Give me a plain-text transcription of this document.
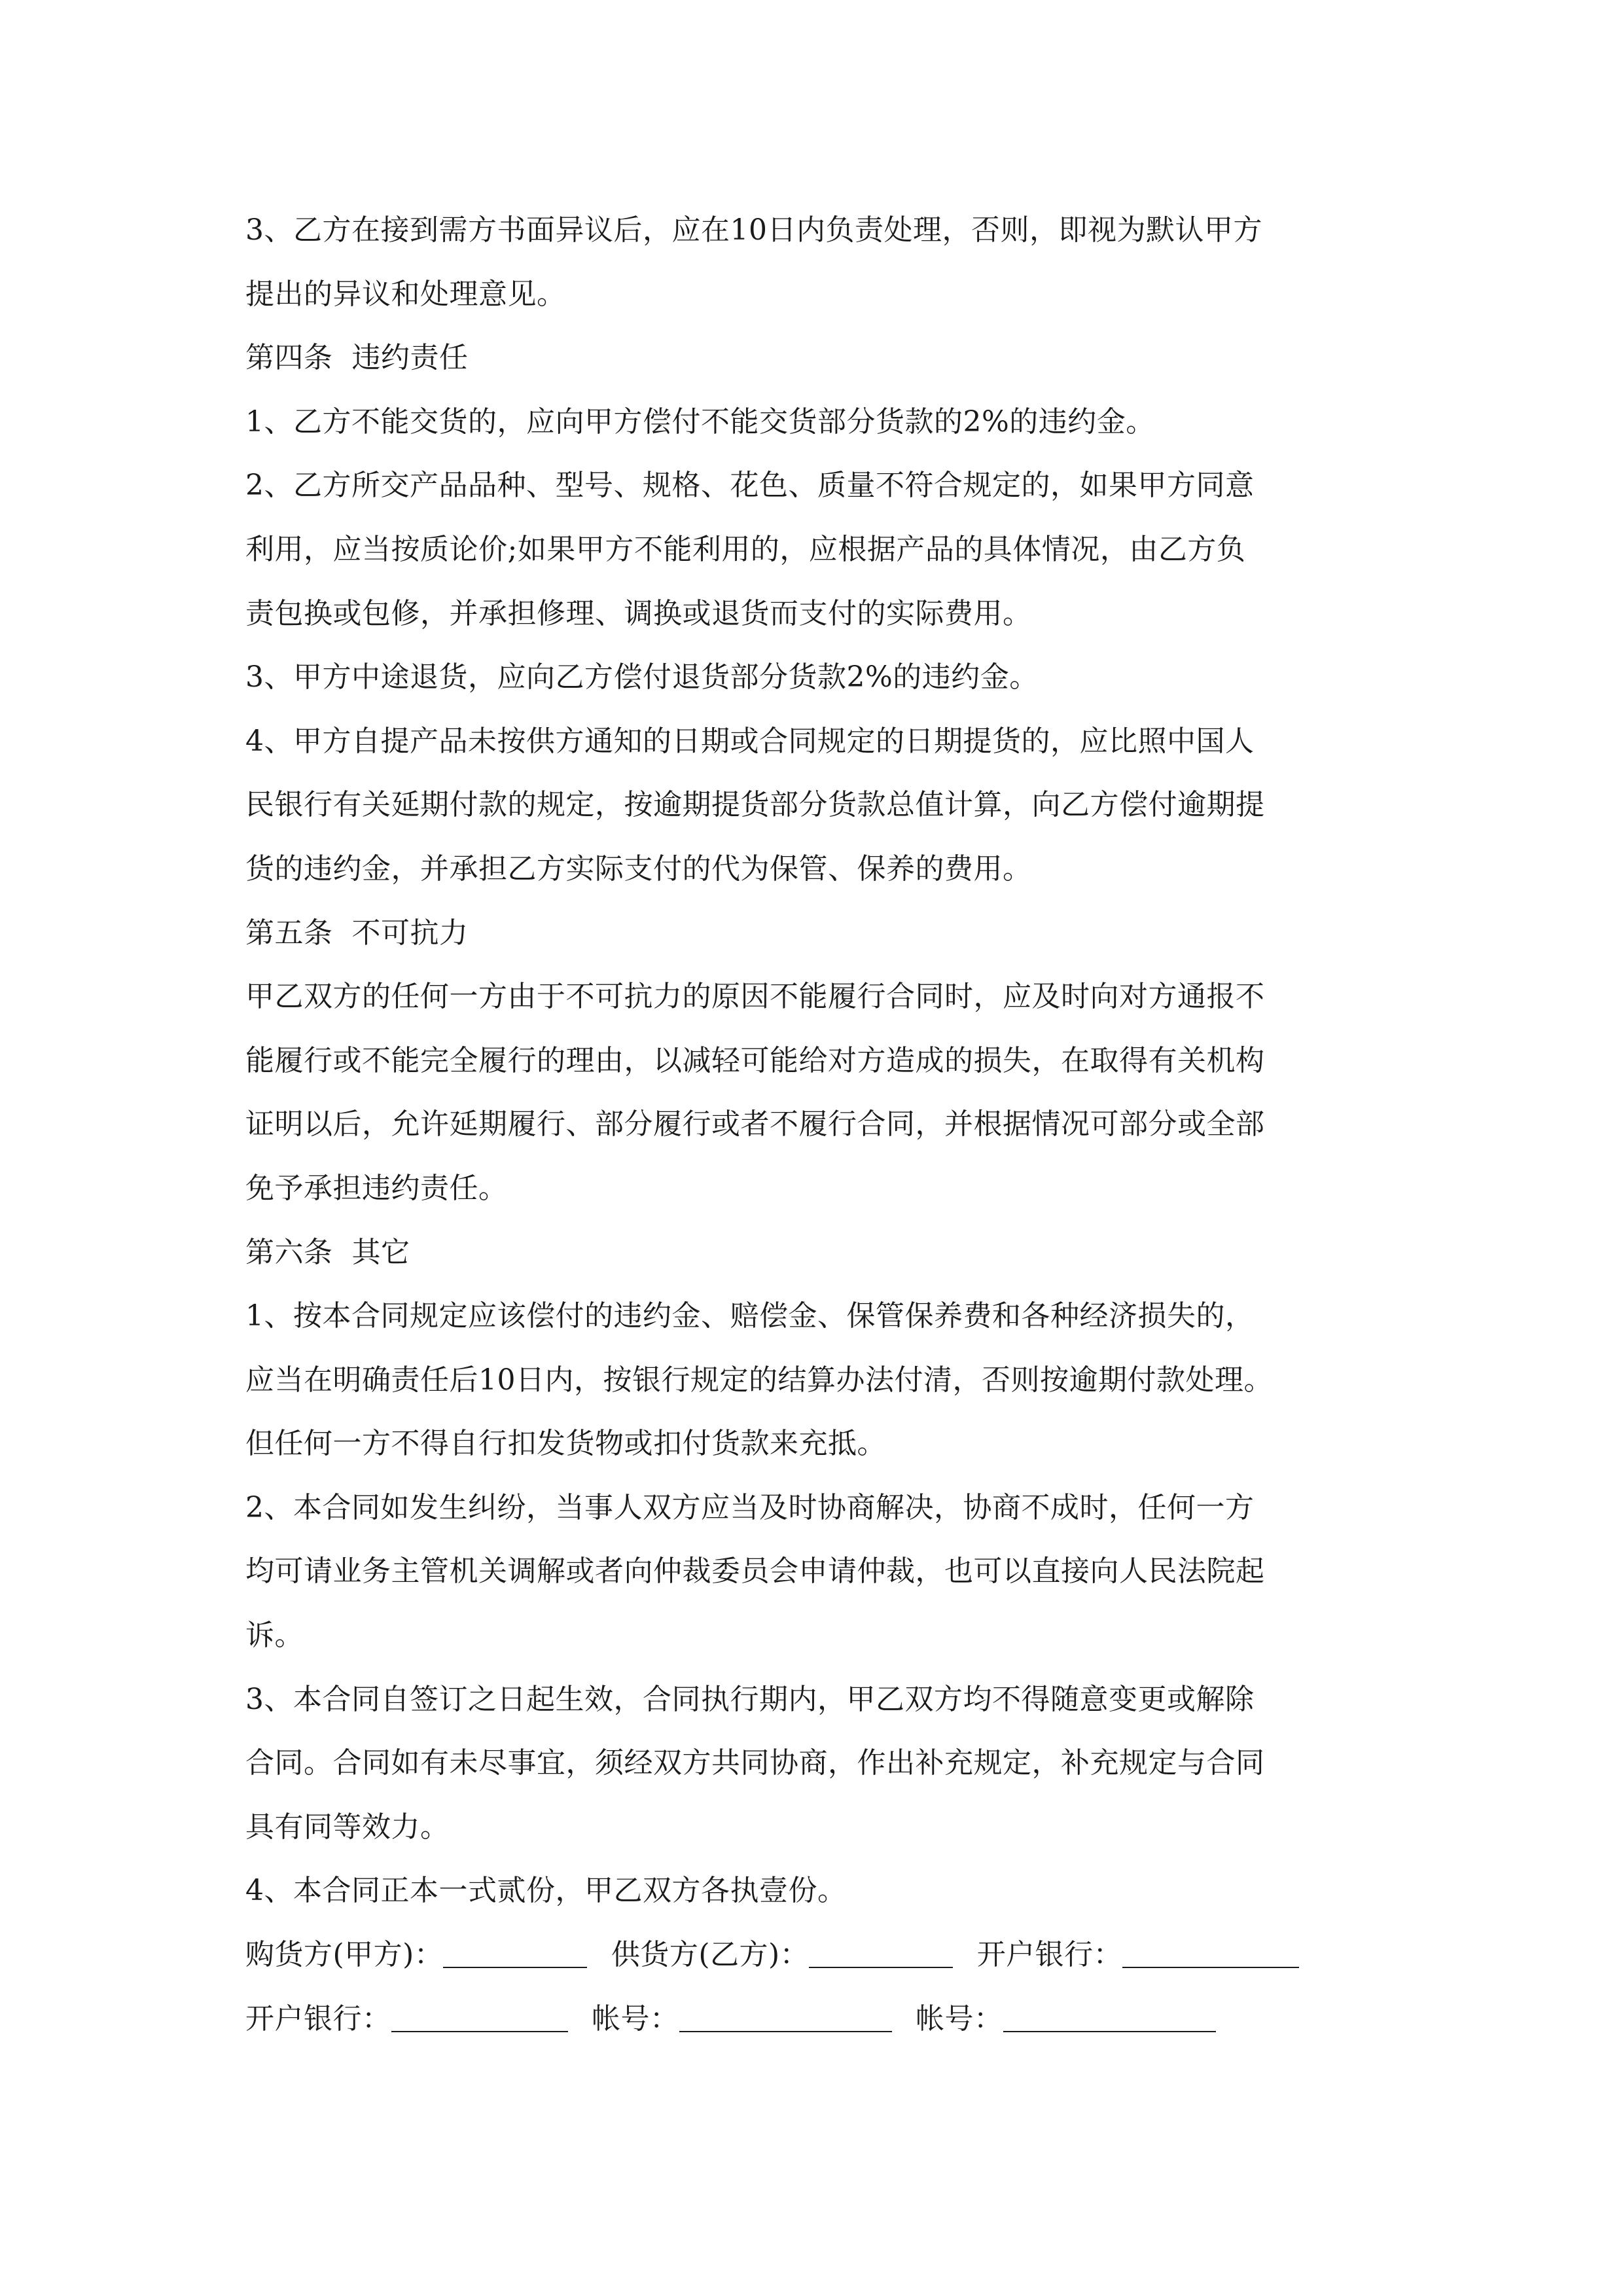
3、乙方在接到需方书面异议后，应在10日内负责处理，否则，即视为默认甲方
提出的异议和处理意见。
第四条  违约责任
1、乙方不能交货的，应向甲方偿付不能交货部分货款的2%的违约金。
2、乙方所交产品品种、型号、规格、花色、质量不符合规定的，如果甲方同意
利用，应当按质论价;如果甲方不能利用的，应根据产品的具体情况，由乙方负
责包换或包修，并承担修理、调换或退货而支付的实际费用。
3、甲方中途退货，应向乙方偿付退货部分货款2%的违约金。
4、甲方自提产品未按供方通知的日期或合同规定的日期提货的，应比照中国人
民银行有关延期付款的规定，按逾期提货部分货款总值计算，向乙方偿付逾期提
货的违约金，并承担乙方实际支付的代为保管、保养的费用。
第五条  不可抗力
甲乙双方的任何一方由于不可抗力的原因不能履行合同时，应及时向对方通报不
能履行或不能完全履行的理由，以减轻可能给对方造成的损失，在取得有关机构
证明以后，允许延期履行、部分履行或者不履行合同，并根据情况可部分或全部
免予承担违约责任。
第六条  其它
1、按本合同规定应该偿付的违约金、赔偿金、保管保养费和各种经济损失的，
应当在明确责任后10日内，按银行规定的结算办法付清，否则按逾期付款处理。
但任何一方不得自行扣发货物或扣付货款来充抵。
2、本合同如发生纠纷，当事人双方应当及时协商解决，协商不成时，任何一方
均可请业务主管机关调解或者向仲裁委员会申请仲裁，也可以直接向人民法院起
诉。
3、本合同自签订之日起生效，合同执行期内，甲乙双方均不得随意变更或解除
合同。合同如有未尽事宜，须经双方共同协商，作出补充规定，补充规定与合同
具有同等效力。
4、本合同正本一式贰份，甲乙双方各执壹份。
购货方(甲方)：	供货方(乙方)：	开户银行：
开户银行：	帐号：	帐号：
